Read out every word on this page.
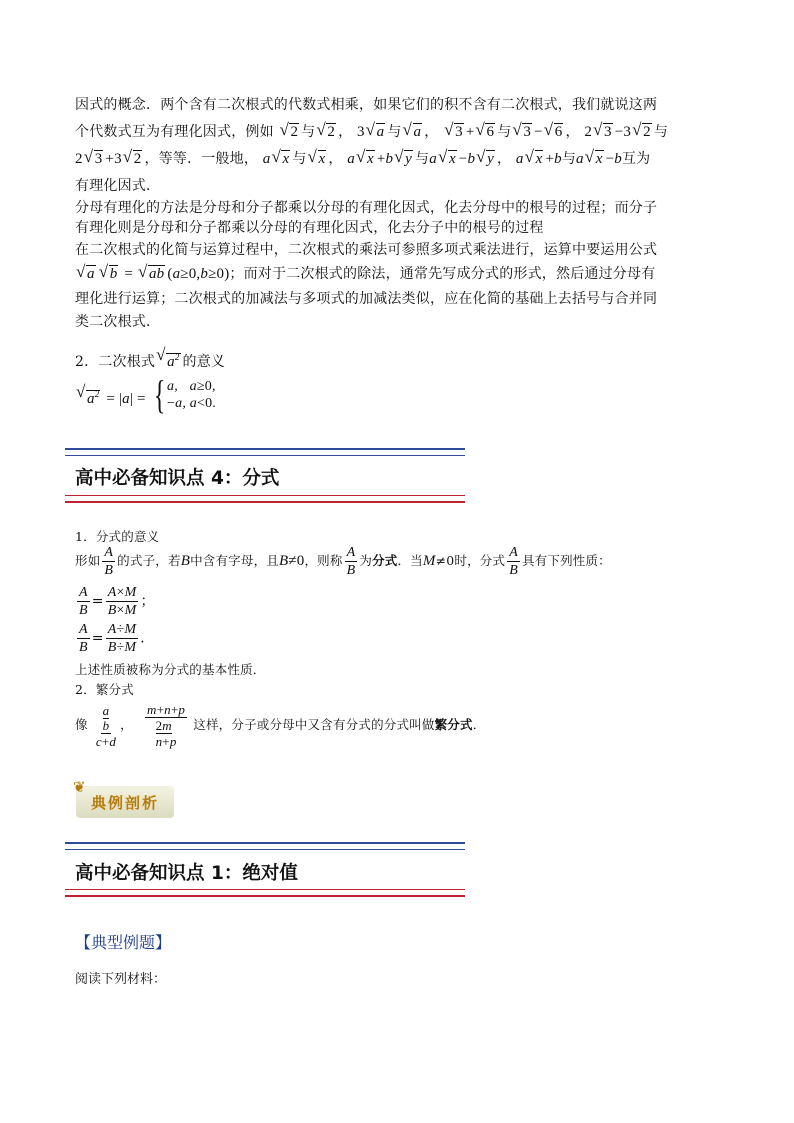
因式的概念．两个含有二次根式的代数式相乘，如果它们的积不含有二次根式，我们就说这两
个代数式互为有理化因式，例如 √ 2 与 √ 2 ， 3 √ a 与 √ a ， √ 3 + √ 6 与 √ 3 − √ 6 ， 2 √ 3 −3 √ 2 与
2 √ 3 +3 √ 2 ，等等．一般地， a √ x 与 √ x ， a √ x +b √ y 与a √ x −b √ y ， a √ x +b与a √ x −b互为
有理化因式．
分母有理化的方法是分母和分子都乘以分母的有理化因式，化去分母中的根号的过程；而分子
有理化则是分母和分子都乘以分母的有理化因式，化去分子中的根号的过程
在二次根式的化简与运算过程中，二次根式的乘法可参照多项式乘法进行，运算中要运用公式
√ a √ b = √ ab (a≥0,b≥0)；而对于二次根式的除法，通常先写成分式的形式，然后通过分母有
理化进行运算；二次根式的加减法与多项式的加减法类似，应在化简的基础上去括号与合并同
类二次根式．
2．二次根式 √ $a^2$ 的意义
√ $a^2 = |a|$ = { a, a≥0,
−a, a<0.
高中必备知识点 4：分式
1．分式的意义
形如 $\frac{A}{B}$ 的式子，若B中含有字母，且B≠0，则称 $\frac{A}{B}$ 为分式．当M≠0时，分式 $\frac{A}{B}$ 具有下列性质：
$\frac{A}{B} = \frac{A\times M}{B\times M}$ ；
$\frac{A}{B} = \frac{A\div M}{B\div M}$ ．
上述性质被称为分式的基本性质．
2．繁分式
像
a
b
c+d
，
m+n+p
2m
n+p
这样，分子或分母中又含有分式的分式叫做繁分式．
❦
典例剖析
高中必备知识点 1：绝对值
【典型例题】
阅读下列材料：
